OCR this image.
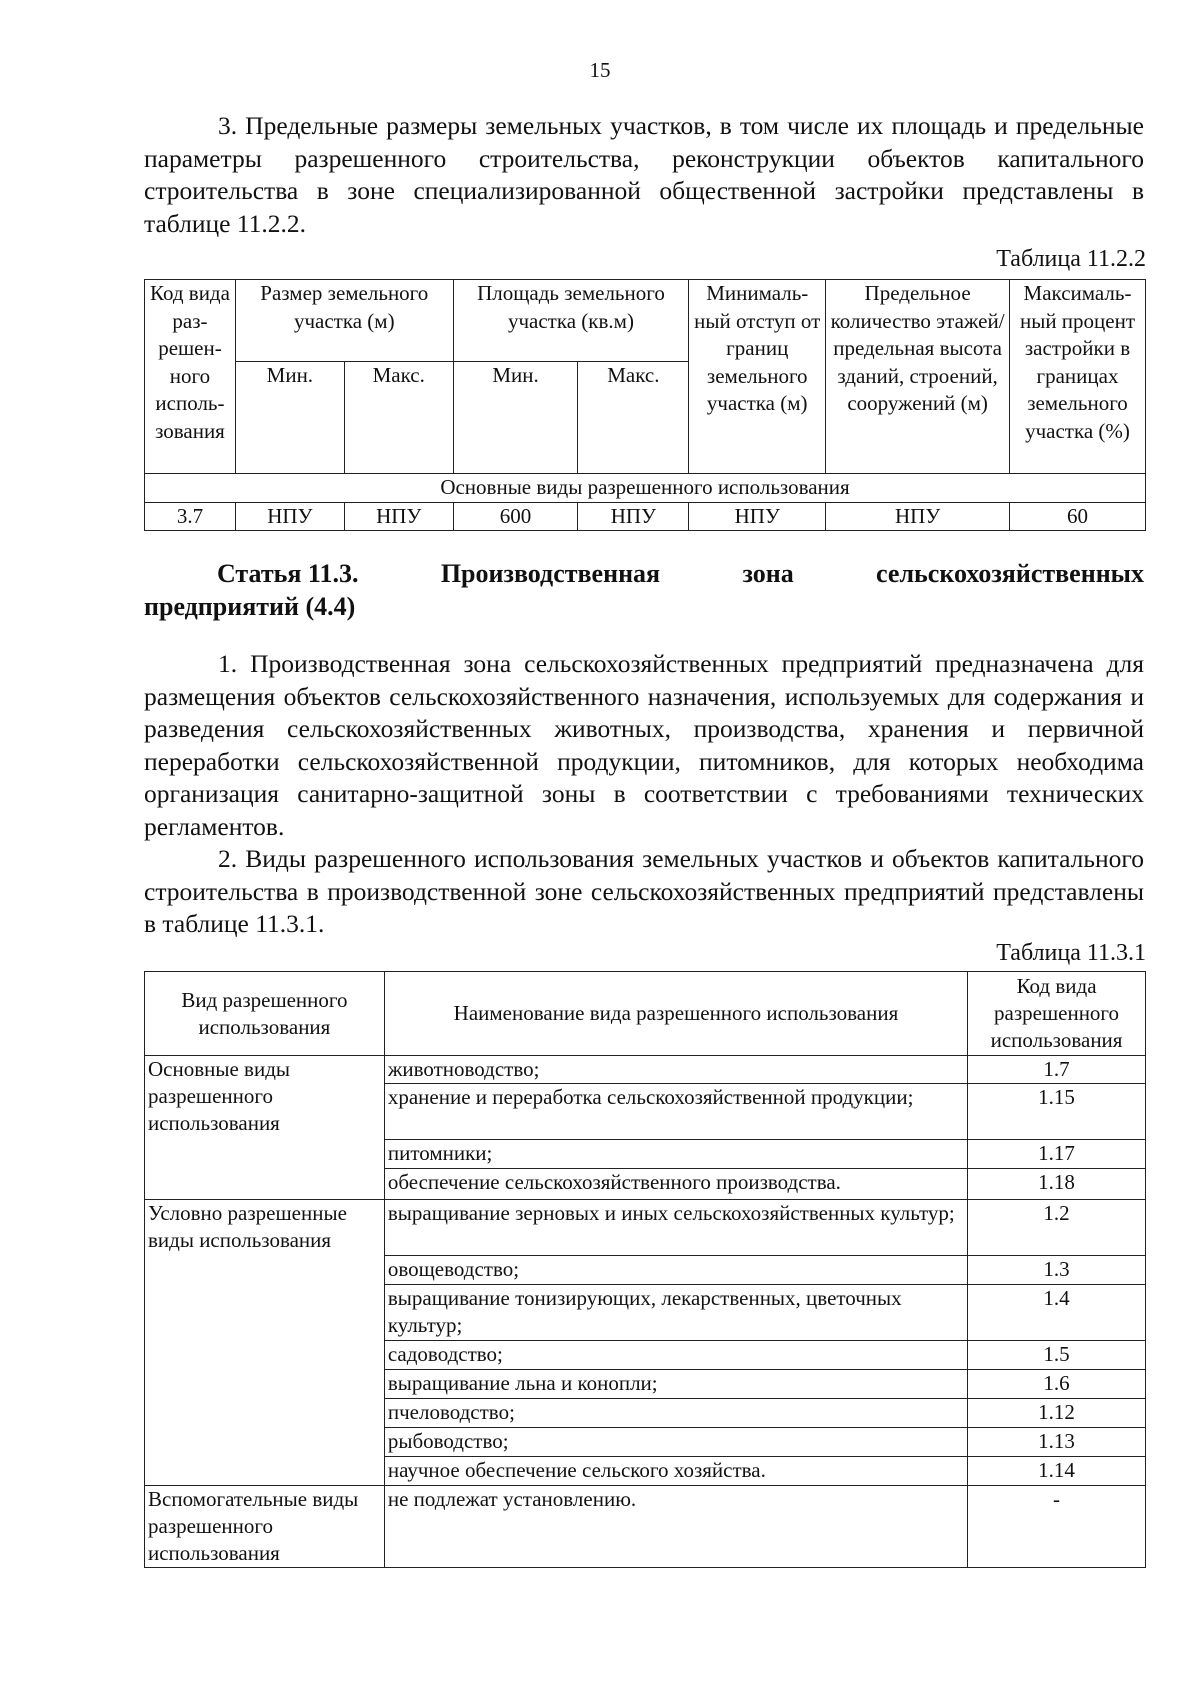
15
3. Предельные размеры земельных участков, в том числе их площадь и предельные параметры разрешенного строительства, реконструкции объектов капитального строительства в зоне специализированной общественной застройки представлены в таблице 11.2.2.
Таблица 11.2.2
Код вида раз-решен-ного исполь-зования	Размер земельного участка (м)		Площадь земельного участка (кв.м)		Минималь-ный отступ от границ земельного участка (м)	Предельное количество этажей/ предельная высота зданий, строений, сооружений (м)	Максималь-ный процент застройки в границах земельного участка (%)
	Мин.	Макс.	Мин.	Макс.			
Основные виды разрешенного использования							
3.7	НПУ	НПУ	600	НПУ	НПУ	НПУ	60
Статья 11.3.	Производственная	зона	сельскохозяйственных
предприятий (4.4)
1. Производственная зона сельскохозяйственных предприятий предназначена для размещения объектов сельскохозяйственного назначения, используемых для содержания и разведения сельскохозяйственных животных, производства, хранения и первичной переработки сельскохозяйственной продукции, питомников, для которых необходима организация санитарно-защитной зоны в соответствии с требованиями технических регламентов.
2. Виды разрешенного использования земельных участков и объектов капитального строительства в производственной зоне сельскохозяйственных предприятий представлены в таблице 11.3.1.
Таблица 11.3.1
Вид разрешенного использования	Наименование вида разрешенного использования	Код вида разрешенного использования
Основные виды разрешенного использования	животноводство;	1.7
	хранение и переработка сельскохозяйственной продукции;	1.15
	питомники;	1.17
	обеспечение сельскохозяйственного производства.	1.18
Условно разрешенные виды использования	выращивание зерновых и иных сельскохозяйственных культур;	1.2
	овощеводство;	1.3
	выращивание тонизирующих, лекарственных, цветочных культур;	1.4
	садоводство;	1.5
	выращивание льна и конопли;	1.6
	пчеловодство;	1.12
	рыбоводство;	1.13
	научное обеспечение сельского хозяйства.	1.14
Вспомогательные виды разрешенного использования	не подлежат установлению.	-
